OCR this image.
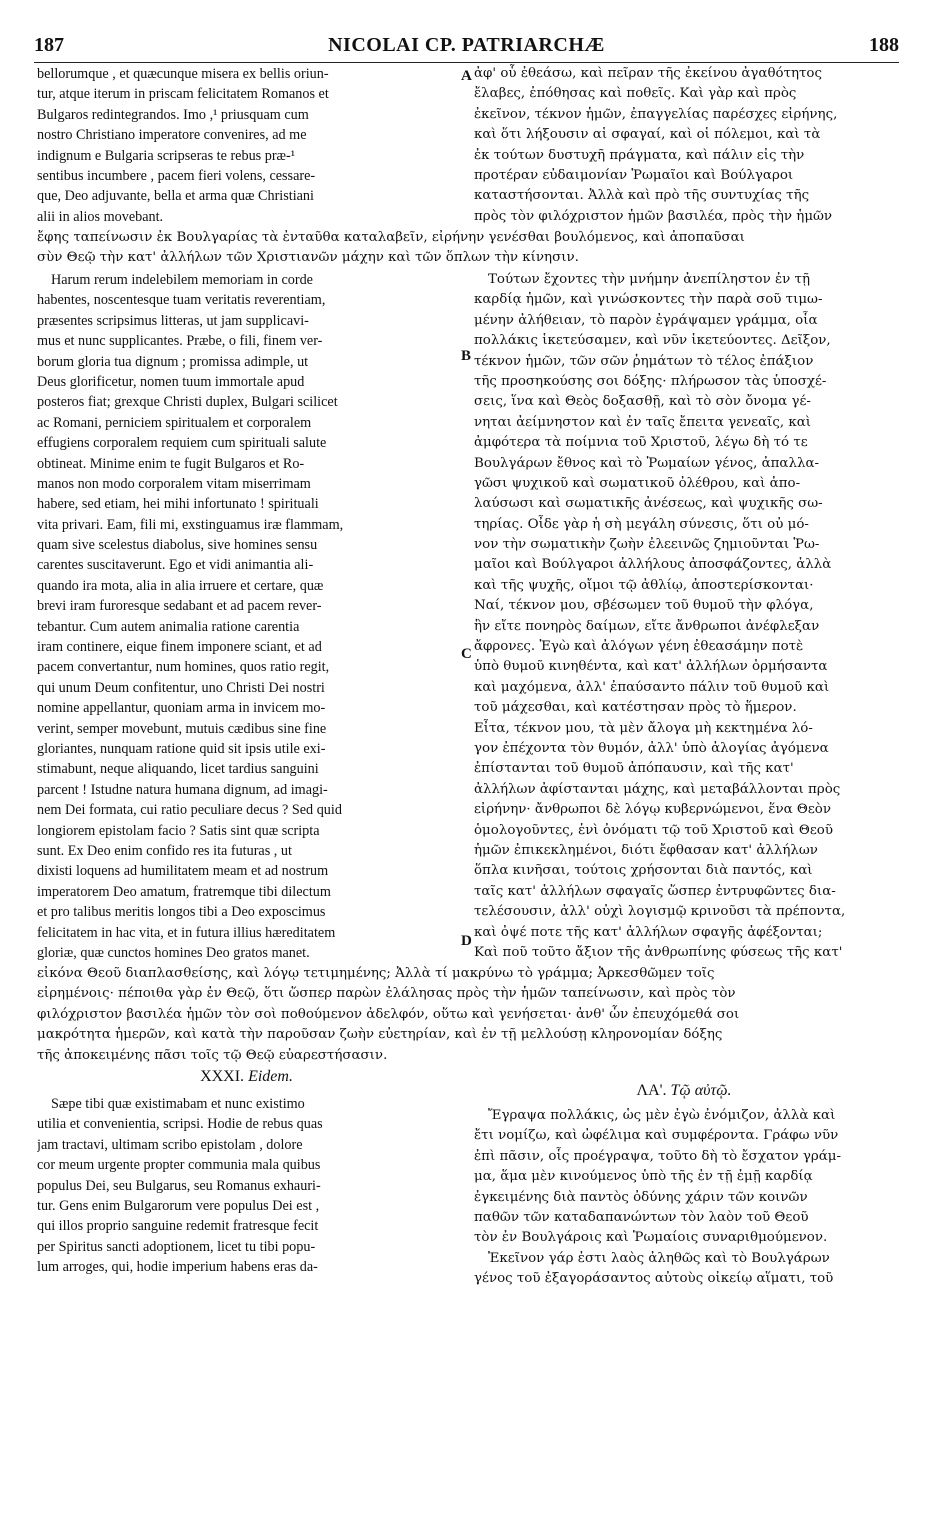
187	NICOLAI CP. PATRIARCHÆ	188
bellorumque , et quæcunque misera ex bellis oriun-
tur, atque iterum in priscam felicitatem Romanos et
Bulgaros redintegrandos. Imo ,¹ priusquam cum
nostro Christiano imperatore convenires, ad me
indignum e Bulgaria scripseras te rebus præ-¹
sentibus incumbere , pacem fieri volens, cessare-
que, Deo adjuvante, bella et arma quæ Christiani
alii in alios movebant.
ἀφ' οὗ ἐθεάσω, καὶ πεῖραν τῆς ἐκείνου ἀγαθότητος
ἔλαβες, ἐπόθησας καὶ ποθεῖς. Καὶ γὰρ καὶ πρὸς
ἐκεῖνον, τέκνον ἡμῶν, ἐπαγγελίας παρέσχες εἰρήνης,
καὶ ὅτι λήξουσιν αἱ σφαγαί, καὶ οἱ πόλεμοι, καὶ τὰ
ἐκ τούτων δυστυχῆ πράγματα, καὶ πάλιν εἰς τὴν
προτέραν εὐδαιμονίαν Ῥωμαῖοι καὶ Βούλγαροι
καταστήσονται. Ἀλλὰ καὶ πρὸ τῆς συντυχίας τῆς
πρὸς τὸν φιλόχριστον ἡμῶν βασιλέα, πρὸς τὴν ἡμῶν
ἔφης ταπείνωσιν ἐκ Βουλγαρίας τὰ ἐνταῦθα καταλαβεῖν, εἰρήνην γενέσθαι βουλόμενος, καὶ ἀποπαῦσαι
σὺν Θεῷ τὴν κατ' ἀλλήλων τῶν Χριστιανῶν μάχην καὶ τῶν ὅπλων τὴν κίνησιν.
Harum rerum indelebilem memoriam in corde
habentes, noscentesque tuam veritatis reverentiam,
præsentes scripsimus litteras, ut jam supplicavi-
mus et nunc supplicantes. Præbe, o fili, finem ver-
borum gloria tua dignum ; promissa adimple, ut
Deus glorificetur, nomen tuum immortale apud
posteros fiat; grexque Christi duplex, Bulgari scilicet
ac Romani, perniciem spiritualem et corporalem
effugiens corporalem requiem cum spirituali salute
obtineat. Minime enim te fugit Bulgaros et Ro-
manos non modo corporalem vitam miserrimam
habere, sed etiam, hei mihi infortunato ! spirituali
vita privari. Eam, fili mi, exstinguamus iræ flammam,
quam sive scelestus diabolus, sive homines sensu
carentes suscitaverunt. Ego et vidi animantia ali-
quando ira mota, alia in alia irruere et certare, quæ
brevi iram furoresque sedabant et ad pacem rever-
tebantur. Cum autem animalia ratione carentia
iram continere, eique finem imponere sciant, et ad
pacem convertantur, num homines, quos ratio regit,
qui unum Deum confitentur, uno Christi Dei nostri
nomine appellantur, quoniam arma in invicem mo-
verint, semper movebunt, mutuis cædibus sine fine
gloriantes, nunquam ratione quid sit ipsis utile exi-
stimabunt, neque aliquando, licet tardius sanguini
parcent ! Istudne natura humana dignum, ad imagi-
nem Dei formata, cui ratio peculiare decus ? Sed quid
longiorem epistolam facio ? Satis sint quæ scripta
sunt. Ex Deo enim confido res ita futuras , ut
dixisti loquens ad humilitatem meam et ad nostrum
imperatorem Deo amatum, fratremque tibi dilectum
et pro talibus meritis longos tibi a Deo exposcimus
felicitatem in hac vita, et in futura illius hæreditatem
gloriæ, quæ cunctos homines Deo gratos manet.
Τούτων ἔχοντες τὴν μνήμην ἀνεπίληστον ἐν τῇ
καρδίᾳ ἡμῶν, καὶ γινώσκοντες τὴν παρὰ σοῦ τιμω-
μένην ἀλήθειαν, τὸ παρὸν ἐγράψαμεν γράμμα, οἷα
πολλάκις ἱκετεύσαμεν, καὶ νῦν ἱκετεύοντες. Δεῖξον,
τέκνον ἡμῶν, τῶν σῶν ῥημάτων τὸ τέλος ἐπάξιον
τῆς προσηκούσης σοι δόξης· πλήρωσον τὰς ὑποσχέ-
σεις, ἵνα καὶ Θεὸς δοξασθῇ, καὶ τὸ σὸν ὄνομα γέ-
νηται ἀείμνηστον καὶ ἐν ταῖς ἔπειτα γενεαῖς, καὶ
ἀμφότερα τὰ ποίμνια τοῦ Χριστοῦ, λέγω δὴ τό τε
Βουλγάρων ἔθνος καὶ τὸ Ῥωμαίων γένος, ἀπαλλα-
γῶσι ψυχικοῦ καὶ σωματικοῦ ὀλέθρου, καὶ ἀπο-
λαύσωσι καὶ σωματικῆς ἀνέσεως, καὶ ψυχικῆς σω-
τηρίας. Οἶδε γὰρ ἡ σὴ μεγάλη σύνεσις, ὅτι οὐ μό-
νον τὴν σωματικὴν ζωὴν ἐλεεινῶς ζημιοῦνται Ῥω-
μαῖοι καὶ Βούλγαροι ἀλλήλους ἀποσφάζοντες, ἀλλὰ
καὶ τῆς ψυχῆς, οἴμοι τῷ ἀθλίῳ, ἀποστερίσκονται·
Ναί, τέκνον μου, σβέσωμεν τοῦ θυμοῦ τὴν φλόγα,
ἣν εἴτε πονηρὸς δαίμων, εἴτε ἄνθρωποι ἀνέφλεξαν
ἄφρονες. Ἐγὼ καὶ ἀλόγων γένη ἐθεασάμην ποτὲ
ὑπὸ θυμοῦ κινηθέντα, καὶ κατ' ἀλλήλων ὁρμήσαντα
καὶ μαχόμενα, ἀλλ' ἐπαύσαντο πάλιν τοῦ θυμοῦ καὶ
τοῦ μάχεσθαι, καὶ κατέστησαν πρὸς τὸ ἥμερον.
Εἶτα, τέκνον μου, τὰ μὲν ἄλογα μὴ κεκτημένα λό-
γον ἐπέχοντα τὸν θυμόν, ἀλλ' ὑπὸ ἀλογίας ἀγόμενα
ἐπίστανται τοῦ θυμοῦ ἀπόπαυσιν, καὶ τῆς κατ'
ἀλλήλων ἀφίστανται μάχης, καὶ μεταβάλλονται πρὸς
εἰρήνην· ἄνθρωποι δὲ λόγῳ κυβερνώμενοι, ἕνα Θεὸν
ὁμολογοῦντες, ἑνὶ ὀνόματι τῷ τοῦ Χριστοῦ καὶ Θεοῦ
ἡμῶν ἐπικεκλημένοι, διότι ἔφθασαν κατ' ἀλλήλων
ὅπλα κινῆσαι, τούτοις χρήσονται διὰ παντός, καὶ
ταῖς κατ' ἀλλήλων σφαγαῖς ὥσπερ ἐντρυφῶντες δια-
τελέσουσιν, ἀλλ' οὐχὶ λογισμῷ κρινοῦσι τὰ πρέποντα,
καὶ ὀψέ ποτε τῆς κατ' ἀλλήλων σφαγῆς ἀφέξονται;
Καὶ ποῦ τοῦτο ἄξιον τῆς ἀνθρωπίνης φύσεως τῆς κατ'
εἰκόνα Θεοῦ διαπλασθείσης, καὶ λόγῳ τετιμημένης; Ἀλλὰ τί μακρύνω τὸ γράμμα; Ἀρκεσθῶμεν τοῖς
εἰρημένοις· πέποιθα γὰρ ἐν Θεῷ, ὅτι ὥσπερ παρὼν ἐλάλησας πρὸς τὴν ἡμῶν ταπείνωσιν, καὶ πρὸς τὸν
φιλόχριστον βασιλέα ἡμῶν τὸν σοὶ ποθούμενον ἀδελφόν, οὕτω καὶ γενήσεται· ἀνθ' ὧν ἐπευχόμεθά σοι
μακρότητα ἡμερῶν, καὶ κατὰ τὴν παροῦσαν ζωὴν εὐετηρίαν, καὶ ἐν τῇ μελλούσῃ κληρονομίαν δόξης
τῆς ἀποκειμένης πᾶσι τοῖς τῷ Θεῷ εὐαρεστήσασιν.
XXXI. Eidem.
ΛΑ'. Τῷ αὐτῷ.
Sæpe tibi quæ existimabam et nunc existimo
utilia et convenientia, scripsi. Hodie de rebus quas
jam tractavi, ultimam scribo epistolam , dolore
cor meum urgente propter communia mala quibus
populus Dei, seu Bulgarus, seu Romanus exhauri-
tur. Gens enim Bulgarorum vere populus Dei est ,
qui illos proprio sanguine redemit fratresque fecit
per Spiritus sancti adoptionem, licet tu tibi popu-
lum arroges, qui, hodie imperium habens eras da-
Ἔγραψα πολλάκις, ὡς μὲν ἐγὼ ἐνόμιζον, ἀλλὰ καὶ
ἔτι νομίζω, καὶ ὠφέλιμα καὶ συμφέροντα. Γράφω νῦν
ἐπὶ πᾶσιν, οἷς προέγραψα, τοῦτο δὴ τὸ ἔσχατον γράμ-
μα, ἅμα μὲν κινούμενος ὑπὸ τῆς ἐν τῇ ἐμῇ καρδίᾳ
ἐγκειμένης διὰ παντὸς ὀδύνης χάριν τῶν κοινῶν
παθῶν τῶν καταδαπανώντων τὸν λαὸν τοῦ Θεοῦ
τὸν ἐν Βουλγάροις καὶ Ῥωμαίοις συναριθμούμενον.
Ἐκεῖνον γάρ ἐστι λαὸς ἀληθῶς καὶ τὸ Βουλγάρων
γένος τοῦ ἐξαγοράσαντος αὐτοὺς οἰκείῳ αἵματι, τοῦ
A
B
C
D
